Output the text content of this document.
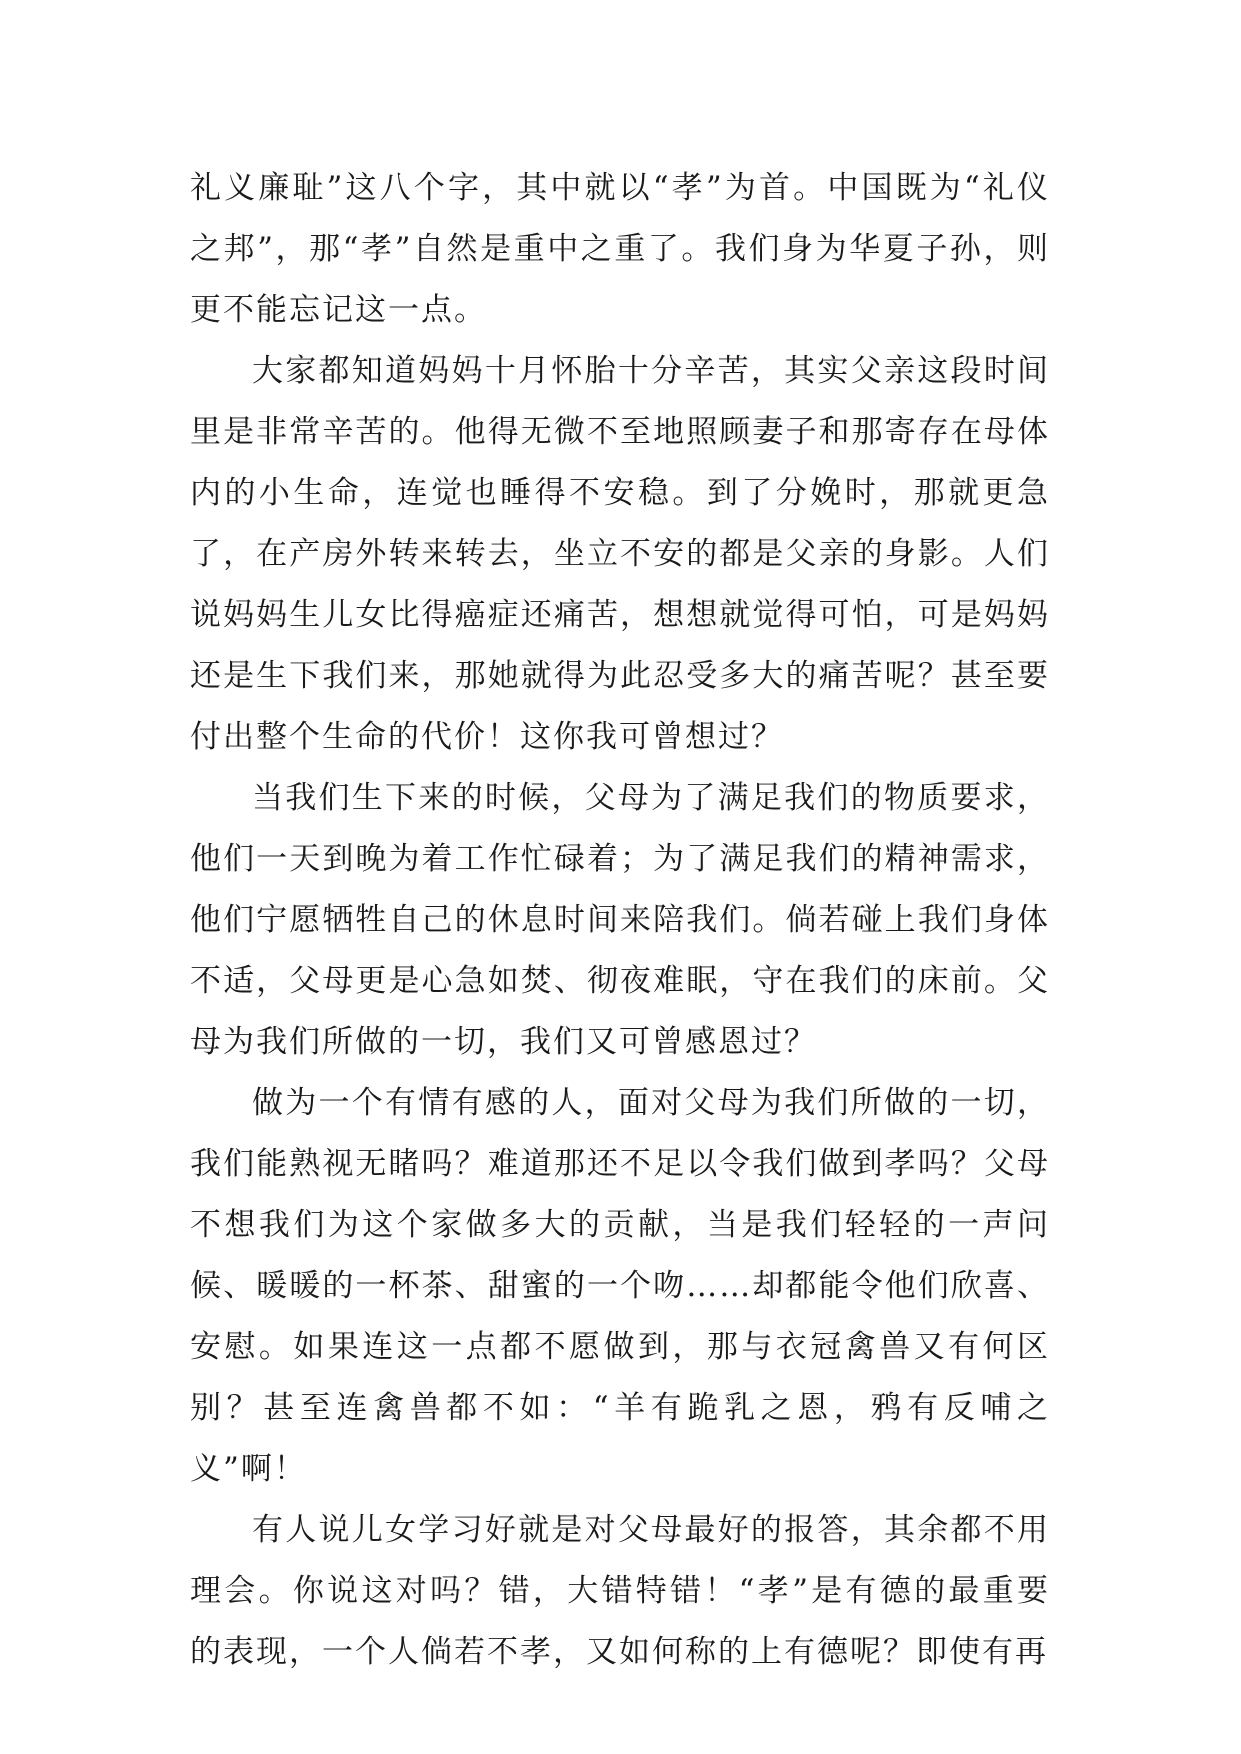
礼义廉耻”这八个字，其中就以“孝”为首。中国既为“礼仪之邦”，那“孝”自然是重中之重了。我们身为华夏子孙，则更不能忘记这一点。

大家都知道妈妈十月怀胎十分辛苦，其实父亲这段时间里是非常辛苦的。他得无微不至地照顾妻子和那寄存在母体内的小生命，连觉也睡得不安稳。到了分娩时，那就更急了，在产房外转来转去，坐立不安的都是父亲的身影。人们说妈妈生儿女比得癌症还痛苦，想想就觉得可怕，可是妈妈还是生下我们来，那她就得为此忍受多大的痛苦呢？甚至要付出整个生命的代价！这你我可曾想过？

当我们生下来的时候，父母为了满足我们的物质要求，他们一天到晚为着工作忙碌着；为了满足我们的精神需求，他们宁愿牺牲自己的休息时间来陪我们。倘若碰上我们身体不适，父母更是心急如焚、彻夜难眠，守在我们的床前。父母为我们所做的一切，我们又可曾感恩过？

做为一个有情有感的人，面对父母为我们所做的一切，我们能熟视无睹吗？难道那还不足以令我们做到孝吗？父母不想我们为这个家做多大的贡献，当是我们轻轻的一声问候、暖暖的一杯茶、甜蜜的一个吻……却都能令他们欣喜、安慰。如果连这一点都不愿做到，那与衣冠禽兽又有何区别？甚至连禽兽都不如：“羊有跪乳之恩，鸦有反哺之义”啊！

有人说儿女学习好就是对父母最好的报答，其余都不用理会。你说这对吗？错，大错特错！“孝”是有德的最重要的表现，一个人倘若不孝，又如何称的上有德呢？即使有再
